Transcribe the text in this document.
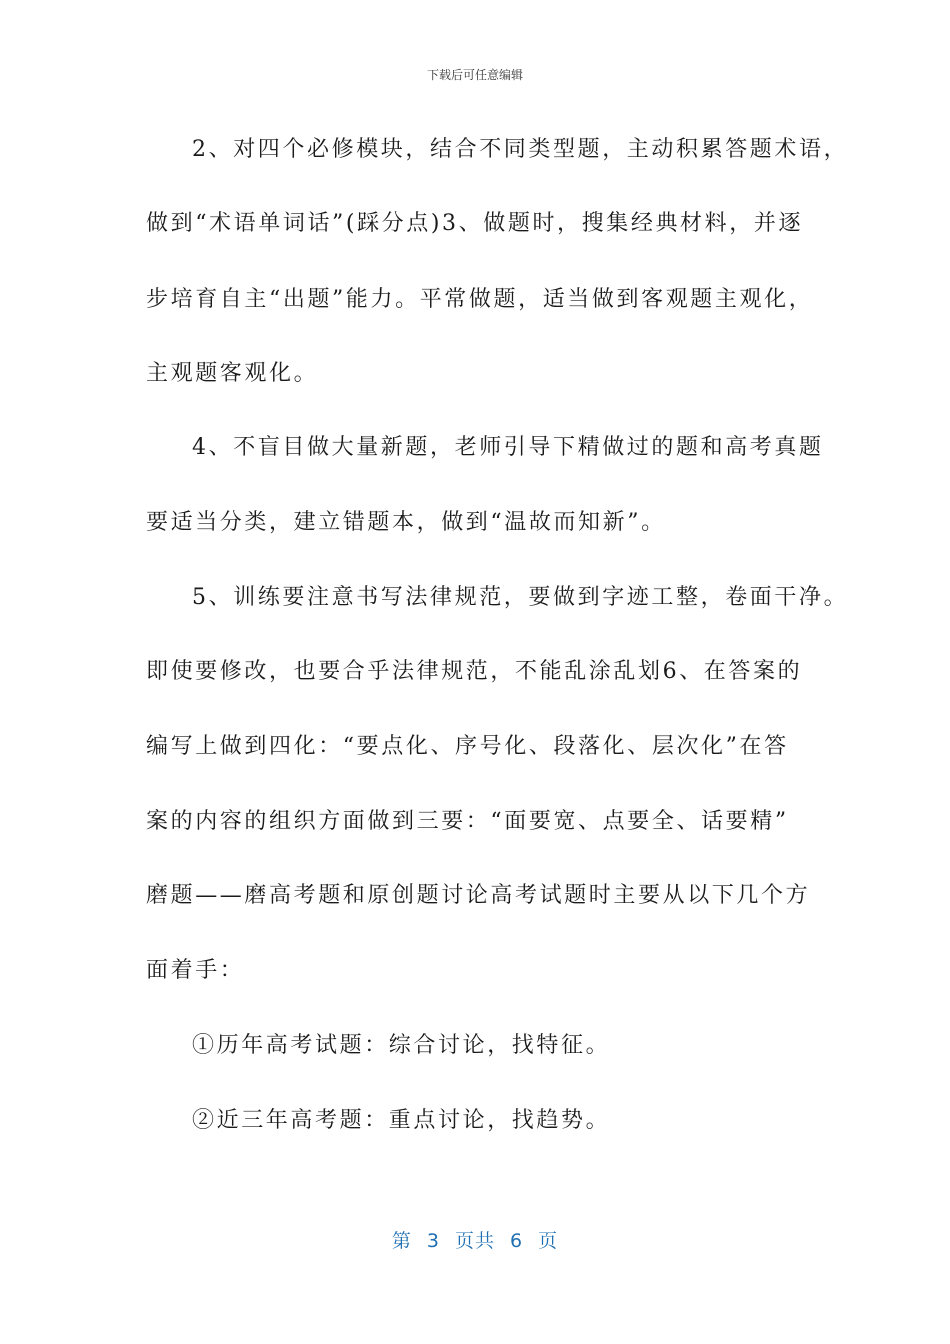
下载后可任意编辑
2、对四个必修模块，结合不同类型题，主动积累答题术语，
做到“术语单词话”(踩分点)3、做题时，搜集经典材料，并逐
步培育自主“出题”能力。平常做题，适当做到客观题主观化，
主观题客观化。
4、不盲目做大量新题，老师引导下精做过的题和高考真题
要适当分类，建立错题本，做到“温故而知新”。
5、训练要注意书写法律规范，要做到字迹工整，卷面干净。
即使要修改，也要合乎法律规范，不能乱涂乱划6、在答案的
编写上做到四化：“要点化、序号化、段落化、层次化”在答
案的内容的组织方面做到三要：“面要宽、点要全、话要精”
磨题——磨高考题和原创题讨论高考试题时主要从以下几个方
面着手：
①历年高考试题：综合讨论，找特征。
②近三年高考题：重点讨论，找趋势。
第 3 页共 6 页
